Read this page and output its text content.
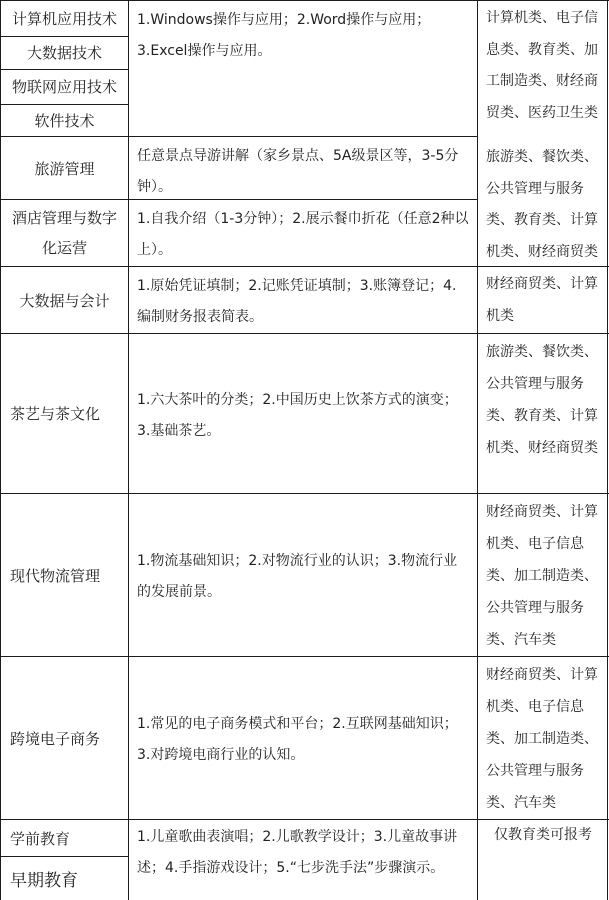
计算机应用技术
大数据技术
物联网应用技术
软件技术
1.Windows操作与应用；2.Word操作与应用；3.Excel操作与应用。
计算机类、电子信息类、教育类、加工制造类、财经商贸类、医药卫生类
旅游管理
任意景点导游讲解（家乡景点、5A级景区等，3-5分钟）。
酒店管理与数字化运营
1.自我介绍（1-3分钟）；2.展示餐巾折花（任意2种以上）。
旅游类、餐饮类、公共管理与服务类、教育类、计算机类、财经商贸类
大数据与会计
1.原始凭证填制；2.记账凭证填制；3.账簿登记；4.编制财务报表简表。
财经商贸类、计算机类
茶艺与茶文化
1.六大茶叶的分类；2.中国历史上饮茶方式的演变；3.基础茶艺。
旅游类、餐饮类、公共管理与服务类、教育类、计算机类、财经商贸类
现代物流管理
1.物流基础知识；2.对物流行业的认识；3.物流行业的发展前景。
财经商贸类、计算机类、电子信息类、加工制造类、公共管理与服务类、汽车类
跨境电子商务
1.常见的电子商务模式和平台；2.互联网基础知识；3.对跨境电商行业的认知。
财经商贸类、计算机类、电子信息类、加工制造类、公共管理与服务类、汽车类
学前教育
早期教育
1.儿童歌曲表演唱；2.儿歌教学设计；3.儿童故事讲述；4.手指游戏设计；5.“七步洗手法”步骤演示。
仅教育类可报考
